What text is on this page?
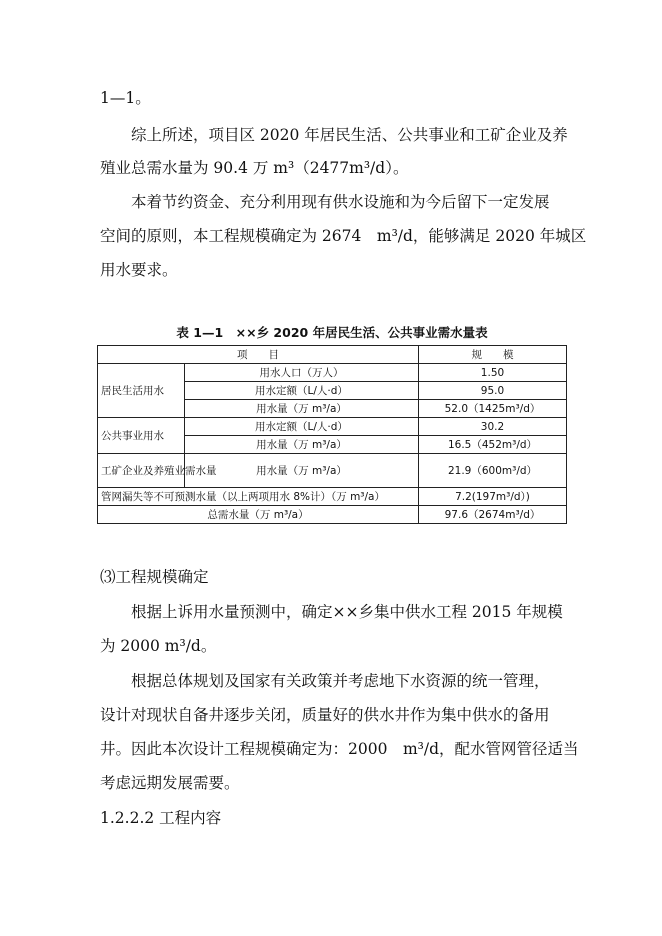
1—1。
综上所述，项目区 2020 年居民生活、公共事业和工矿企业及养
殖业总需水量为 90.4 万 m³（2477m³/d）。
本着节约资金、充分利用现有供水设施和为今后留下一定发展
空间的原则，本工程规模确定为 2674　m³/d，能够满足 2020 年城区
用水要求。
表 1—1　××乡 2020 年居民生活、公共事业需水量表
项　　目		规　　模
居民生活用水	用水人口（万人）	1.50
	用水定额（L/人·d）	95.0
	用水量（万 m³/a）	52.0（1425m³/d）
公共事业用水	用水定额（L/人·d）	30.2
	用水量（万 m³/a）	16.5（452m³/d）
工矿企业及养殖业需水量	用水量（万 m³/a）	21.9（600m³/d）
管网漏失等不可预测水量（以上两项用水 8%计）（万 m³/a）		7.2(197m³/d）)
总需水量（万 m³/a）		97.6（2674m³/d）
⑶工程规模确定
根据上诉用水量预测中，确定××乡集中供水工程 2015 年规模
为 2000 m³/d。
根据总体规划及国家有关政策并考虑地下水资源的统一管理，
设计对现状自备井逐步关闭，质量好的供水井作为集中供水的备用
井。因此本次设计工程规模确定为：2000　m³/d，配水管网管径适当
考虑远期发展需要。
1.2.2.2 工程内容
